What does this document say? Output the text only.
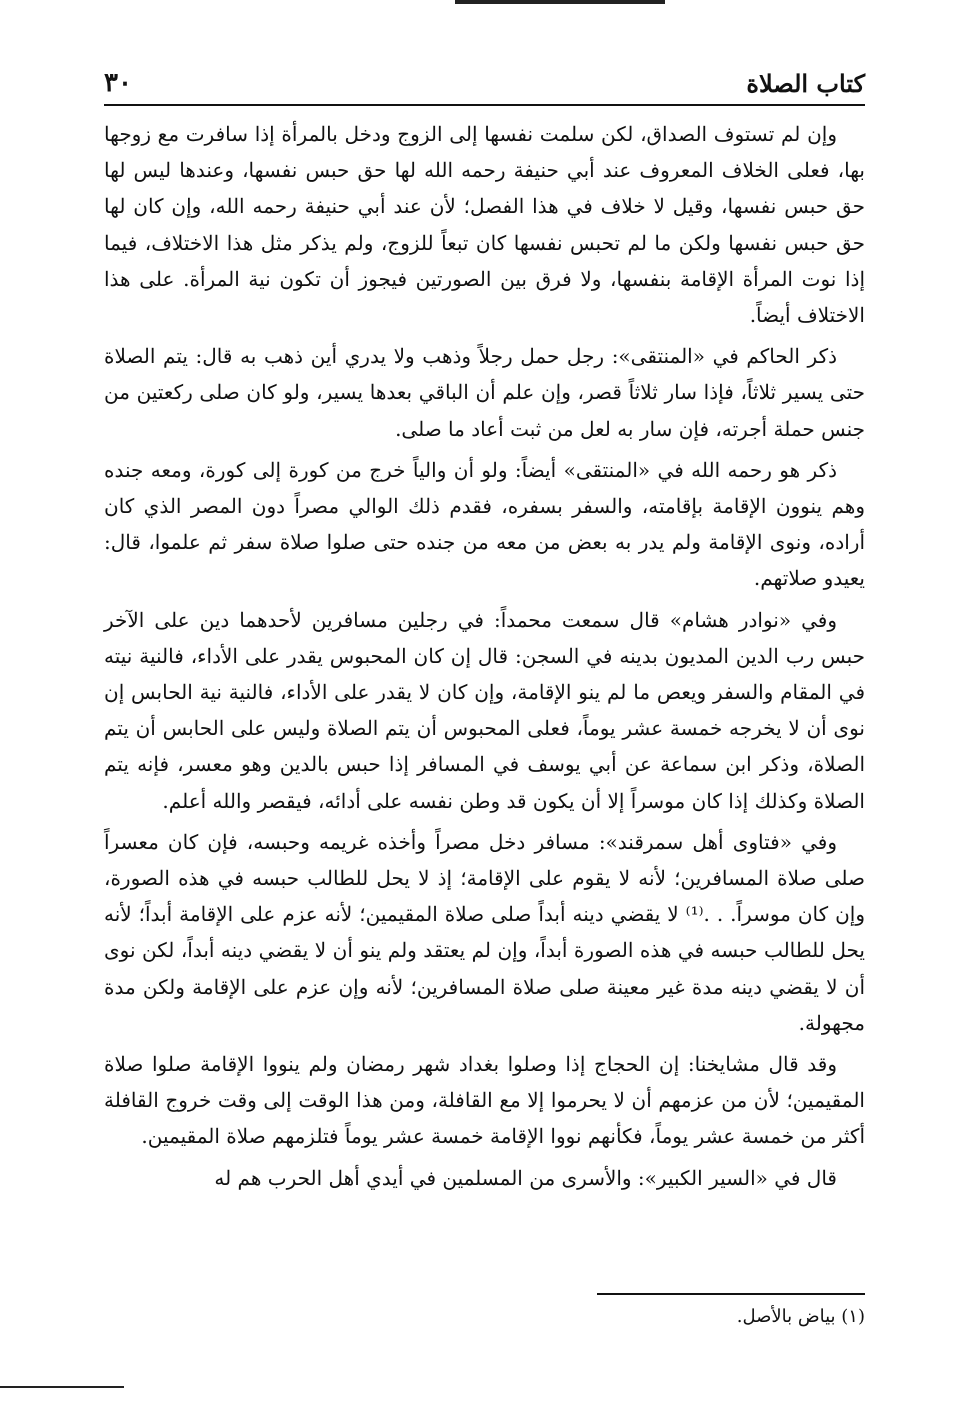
كتاب الصلاة
٣٠

وإن لم تستوف الصداق، لكن سلمت نفسها إلى الزوج ودخل بالمرأة إذا سافرت مع زوجها بها، فعلى الخلاف المعروف عند أبي حنيفة رحمه الله لها حق حبس نفسها، وعندها ليس لها حق حبس نفسها، وقيل لا خلاف في هذا الفصل؛ لأن عند أبي حنيفة رحمه الله، وإن كان لها حق حبس نفسها ولكن ما لم تحبس نفسها كان تبعاً للزوج، ولم يذكر مثل هذا الاختلاف، فيما إذا نوت المرأة الإقامة بنفسها، ولا فرق بين الصورتين فيجوز أن تكون نية المرأة. على هذا الاختلاف أيضاً.

ذكر الحاكم في «المنتقى»: رجل حمل رجلاً وذهب ولا يدري أين ذهب به قال: يتم الصلاة حتى يسير ثلاثاً، فإذا سار ثلاثاً قصر، وإن علم أن الباقي بعدها يسير، ولو كان صلى ركعتين من جنس حملة أجرته، فإن سار به لعل من ثبت أعاد ما صلى.

ذكر هو رحمه الله في «المنتقى» أيضاً: ولو أن والياً خرج من كورة إلى كورة، ومعه جنده وهم ينوون الإقامة بإقامته، والسفر بسفره، فقدم ذلك الوالي مصراً دون المصر الذي كان أراده، ونوى الإقامة ولم يدر به بعض من معه من جنده حتى صلوا صلاة سفر ثم علموا، قال: يعيدو صلاتهم.

وفي «نوادر هشام» قال سمعت محمداً: في رجلين مسافرين لأحدهما دين على الآخر حبس رب الدين المديون بدينه في السجن: قال إن كان المحبوس يقدر على الأداء، فالنية نيته في المقام والسفر ويعص ما لم ينو الإقامة، وإن كان لا يقدر على الأداء، فالنية نية الحابس إن نوى أن لا يخرجه خمسة عشر يوماً، فعلى المحبوس أن يتم الصلاة وليس على الحابس أن يتم الصلاة، وذكر ابن سماعة عن أبي يوسف في المسافر إذا حبس بالدين وهو معسر، فإنه يتم الصلاة وكذلك إذا كان موسراً إلا أن يكون قد وطن نفسه على أدائه، فيقصر والله أعلم.

وفي «فتاوى أهل سمرقند»: مسافر دخل مصراً وأخذه غريمه وحبسه، فإن كان معسراً صلى صلاة المسافرين؛ لأنه لا يقوم على الإقامة؛ إذ لا يحل للطالب حبسه في هذه الصورة، وإن كان موسراً. . .⁽¹⁾ لا يقضي دينه أبداً صلى صلاة المقيمين؛ لأنه عزم على الإقامة أبداً؛ لأنه يحل للطالب حبسه في هذه الصورة أبداً، وإن لم يعتقد ولم ينو أن لا يقضي دينه أبداً، لكن نوى أن لا يقضي دينه مدة غير معينة صلى صلاة المسافرين؛ لأنه وإن عزم على الإقامة ولكن مدة مجهولة.

وقد قال مشايخنا: إن الحجاج إذا وصلوا بغداد شهر رمضان ولم ينووا الإقامة صلوا صلاة المقيمين؛ لأن من عزمهم أن لا يحرموا إلا مع القافلة، ومن هذا الوقت إلى وقت خروج القافلة أكثر من خمسة عشر يوماً، فكأنهم نووا الإقامة خمسة عشر يوماً فتلزمهم صلاة المقيمين.

قال في «السير الكبير»: والأسرى من المسلمين في أيدي أهل الحرب هم له

(١) بياض بالأصل.
